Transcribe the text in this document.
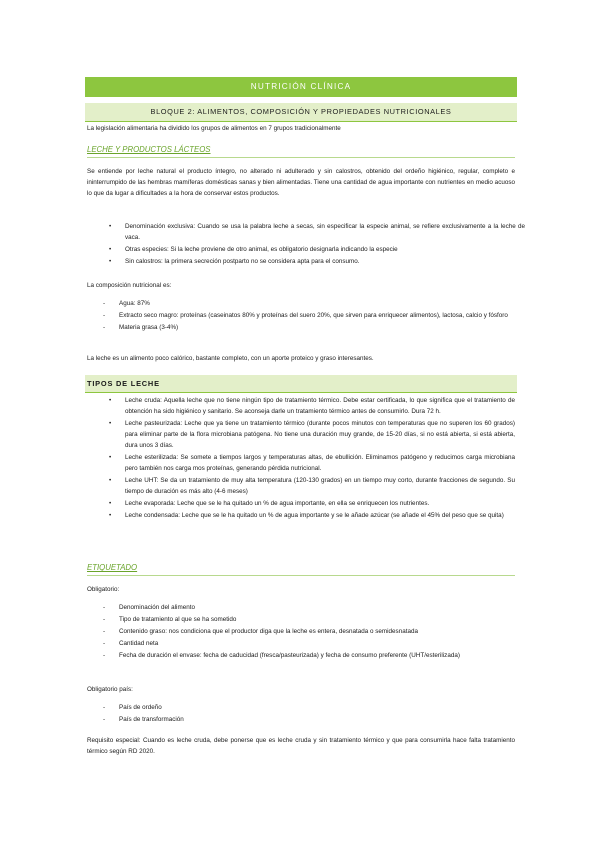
NUTRICIÓN CLÍNICA
BLOQUE 2: ALIMENTOS, COMPOSICIÓN Y PROPIEDADES NUTRICIONALES
La legislación alimentaria ha dividido los grupos de alimentos en 7 grupos tradicionalmente
LECHE Y PRODUCTOS LÁCTEOS
Se entiende por leche natural el producto íntegro, no alterado ni adulterado y sin calostros, obtenido del ordeño higiénico, regular, completo e ininterrumpido de las hembras mamíferas domésticas sanas y bien alimentadas. Tiene una cantidad de agua importante con nutrientes en medio acuoso lo que da lugar a dificultades a la hora de conservar estos productos.
• Denominación exclusiva: Cuando se usa la palabra leche a secas, sin especificar la especie animal, se refiere exclusivamente a la leche de vaca.
• Otras especies: Si la leche proviene de otro animal, es obligatorio designarla indicando la especie
• Sin calostros: la primera secreción postparto no se considera apta para el consumo.
La composición nutricional es:
- Agua: 87%
- Extracto seco magro: proteínas (caseinatos 80% y proteínas del suero 20%, que sirven para enriquecer alimentos), lactosa, calcio y fósforo
- Materia grasa (3-4%)
La leche es un alimento poco calórico, bastante completo, con un aporte proteico y graso interesantes.
TIPOS DE LECHE
• Leche cruda: Aquella leche que no tiene ningún tipo de tratamiento térmico. Debe estar certificada, lo que significa que el tratamiento de obtención ha sido higiénico y sanitario. Se aconseja darle un tratamiento térmico antes de consumirlo. Dura 72 h.
• Leche pasteurizada: Leche que ya tiene un tratamiento térmico (durante pocos minutos con temperaturas que no superen los 60 grados) para eliminar parte de la flora microbiana patógena. No tiene una duración muy grande, de 15-20 días, si no está abierta, si está abierta, dura unos 3 días.
• Leche esterilizada: Se somete a tiempos largos y temperaturas altas, de ebullición. Eliminamos patógeno y reducimos carga microbiana pero también nos carga mos proteínas, generando pérdida nutricional.
• Leche UHT: Se da un tratamiento de muy alta temperatura (120-130 grados) en un tiempo muy corto, durante fracciones de segundo. Su tiempo de duración es más alto (4-6 meses)
• Leche evaporada: Leche que se le ha quitado un % de agua importante, en ella se enriquecen los nutrientes.
• Leche condensada: Leche que se le ha quitado un % de agua importante y se le añade azúcar (se añade el 45% del peso que se quita)
ETIQUETADO
Obligatorio:
- Denominación del alimento
- Tipo de tratamiento al que se ha sometido
- Contenido graso: nos condiciona que el productor diga que la leche es entera, desnatada o semidesnatada
- Cantidad neta
- Fecha de duración el envase: fecha de caducidad (fresca/pasteurizada) y fecha de consumo preferente (UHT/esterilizada)
Obligatorio país:
- País de ordeño
- País de transformación
Requisito especial: Cuando es leche cruda, debe ponerse que es leche cruda y sin tratamiento térmico y que para consumirla hace falta tratamiento térmico según RD 2020.
